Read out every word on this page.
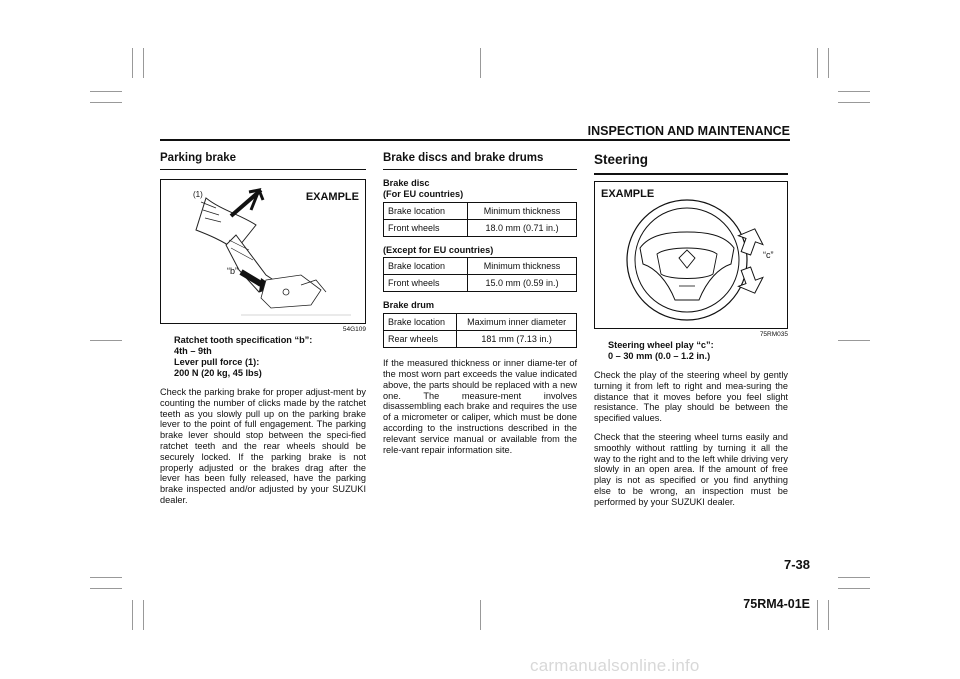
INSPECTION AND MAINTENANCE
Parking brake
EXAMPLE
(1)
“b”
54G109
Ratchet tooth specification “b”:
4th – 9th
Lever pull force (1):
200 N (20 kg, 45 lbs)

Check the parking brake for proper adjust-ment by counting the number of clicks made by the ratchet teeth as you slowly pull up on the parking brake lever to the point of full engagement. The parking brake lever should stop between the speci-fied ratchet teeth and the rear wheels should be securely locked. If the parking brake is not properly adjusted or the brakes drag after the lever has been fully released, have the parking brake inspected and/or adjusted by your SUZUKI dealer.

Brake discs and brake drums
Brake disc
(For EU countries)
Brake location	Minimum thickness
Front wheels	18.0 mm (0.71 in.)
(Except for EU countries)
Brake location	Minimum thickness
Front wheels	15.0 mm (0.59 in.)
Brake drum
Brake location	Maximum inner diameter
Rear wheels	181 mm (7.13 in.)

If the measured thickness or inner diame-ter of the most worn part exceeds the value indicated above, the parts should be replaced with a new one. The measure-ment involves disassembling each brake and requires the use of a micrometer or caliper, which must be done according to the instructions described in the relevant service manual or available from the rele-vant repair information site.

Steering
EXAMPLE
“c”
75RM035
Steering wheel play “c”:
0 – 30 mm (0.0 – 1.2 in.)

Check the play of the steering wheel by gently turning it from left to right and mea-suring the distance that it moves before you feel slight resistance. The play should be between the specified values.

Check that the steering wheel turns easily and smoothly without rattling by turning it all the way to the right and to the left while driving very slowly in an open area. If the amount of free play is not as specified or you find anything else to be wrong, an inspection must be performed by your SUZUKI dealer.

7-38
75RM4-01E
carmanualsonline.info
